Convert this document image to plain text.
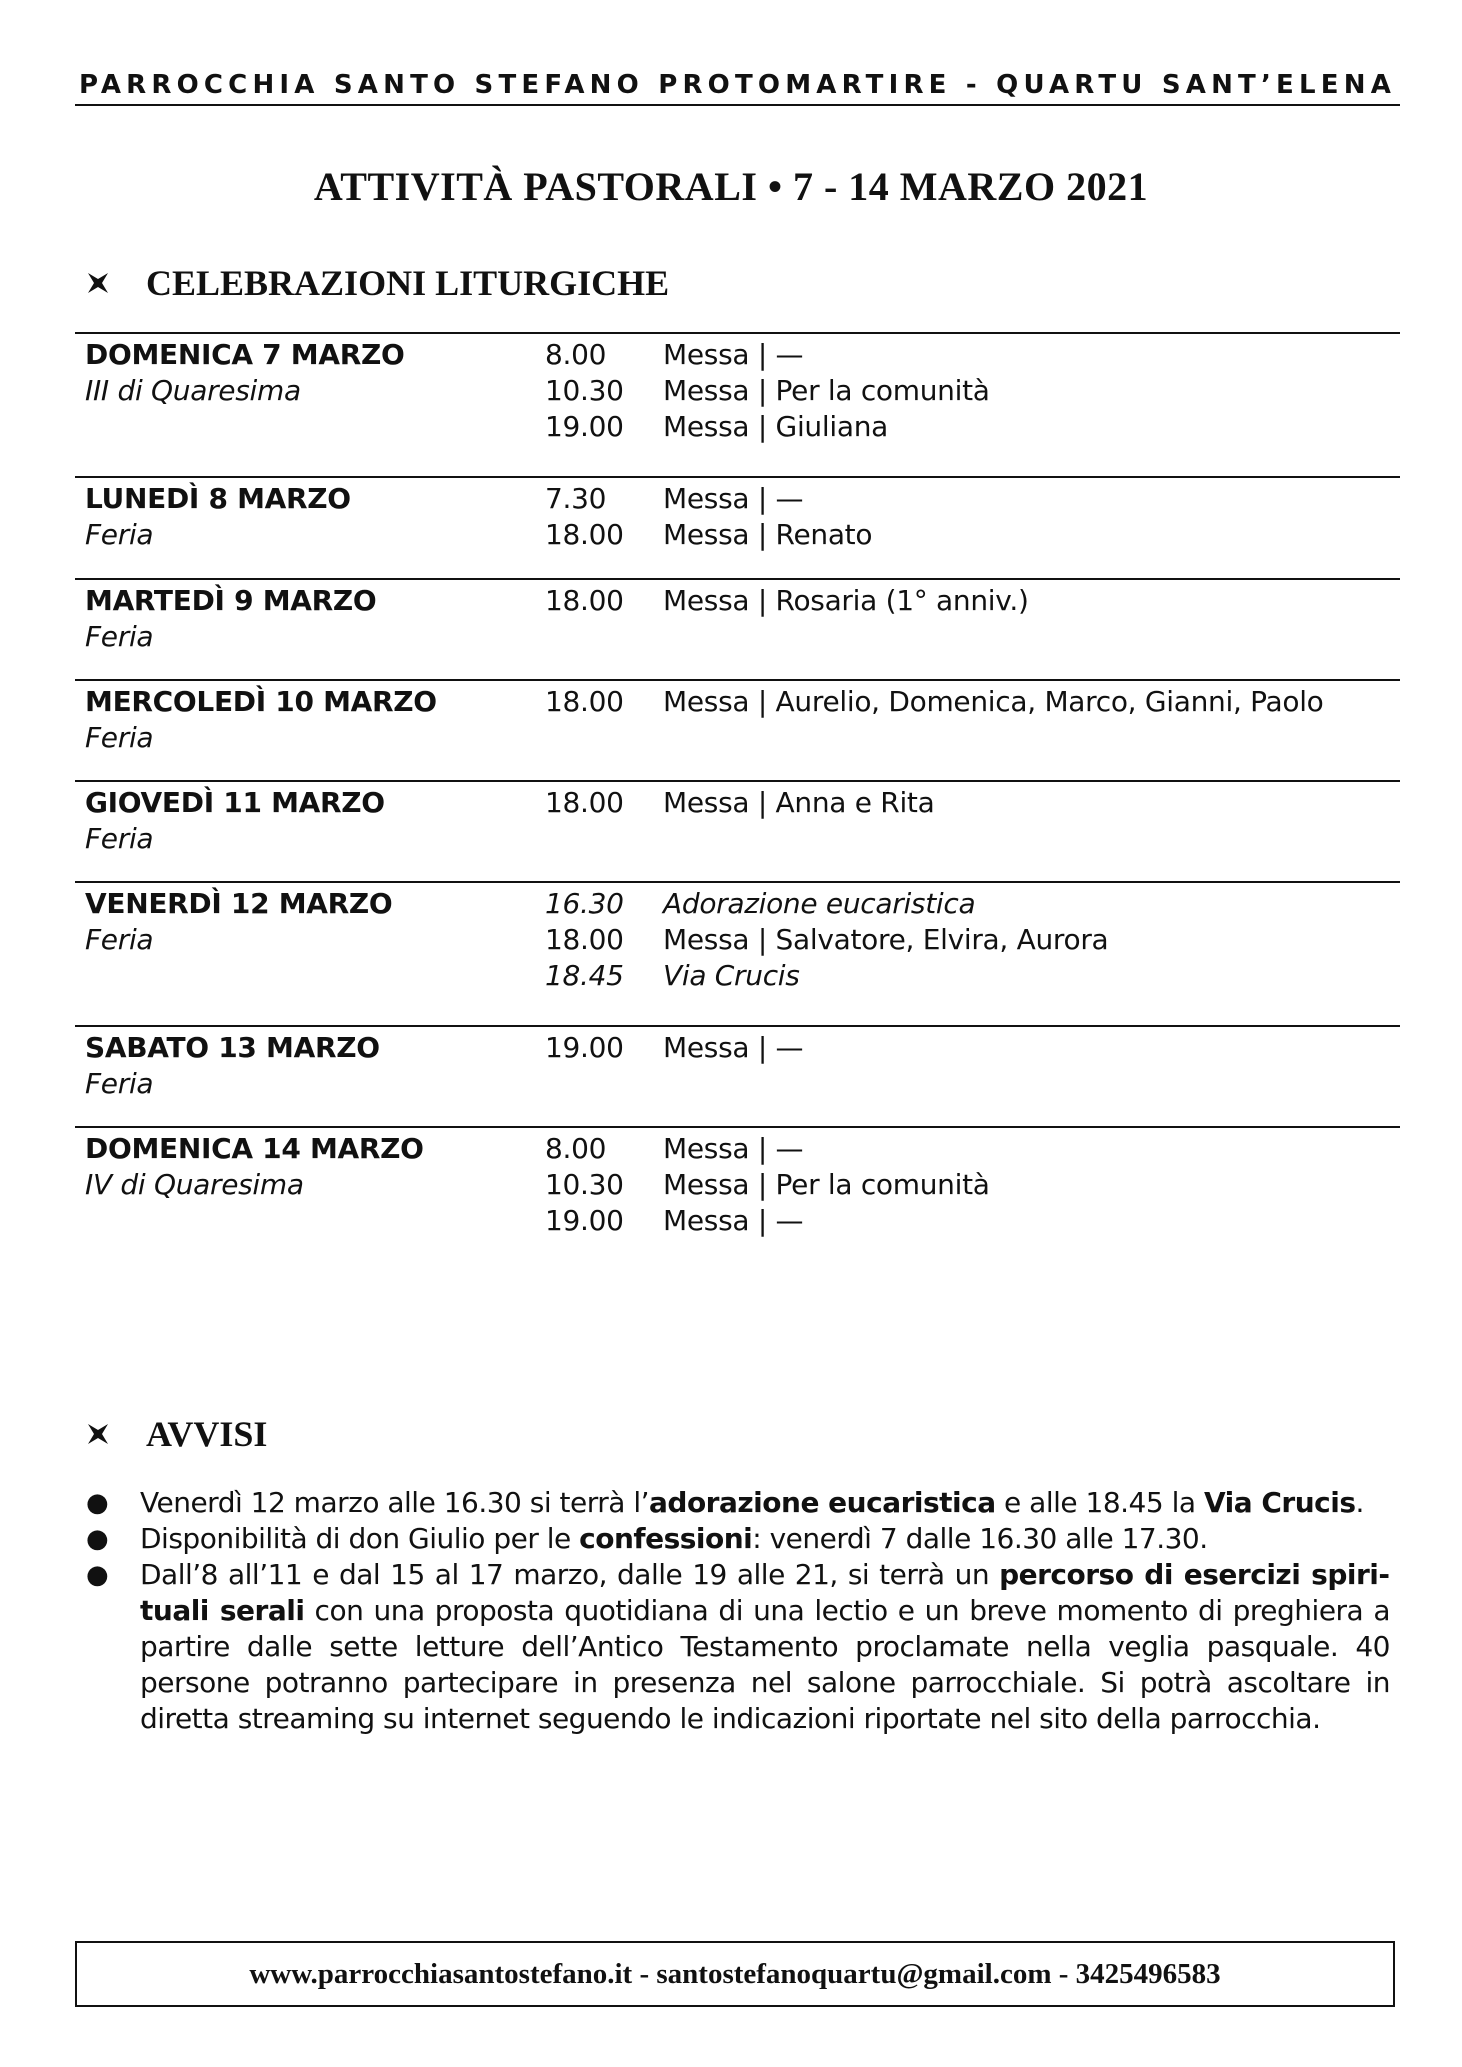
PARROCCHIA SANTO STEFANO PROTOMARTIRE - QUARTU SANT’ELENA
ATTIVITÀ PASTORALI • 7 - 14 MARZO 2021
CELEBRAZIONI LITURGICHE
DOMENICA 7 MARZO
III di Quaresima
8.00	Messa | —
10.30	Messa | Per la comunità
19.00	Messa | Giuliana
LUNEDÌ 8 MARZO
Feria
7.30	Messa | —
18.00	Messa | Renato
MARTEDÌ 9 MARZO
Feria
18.00	Messa | Rosaria (1° anniv.)
MERCOLEDÌ 10 MARZO
Feria
18.00	Messa | Aurelio, Domenica, Marco, Gianni, Paolo
GIOVEDÌ 11 MARZO
Feria
18.00	Messa | Anna e Rita
VENERDÌ 12 MARZO
Feria
16.30	Adorazione eucaristica
18.00	Messa | Salvatore, Elvira, Aurora
18.45	Via Crucis
SABATO 13 MARZO
Feria
19.00	Messa | —
DOMENICA 14 MARZO
IV di Quaresima
8.00	Messa | —
10.30	Messa | Per la comunità
19.00	Messa | —
AVVISI
●	Venerdì 12 marzo alle 16.30 si terrà l’adorazione eucaristica e alle 18.45 la Via Crucis.
●	Disponibilità di don Giulio per le confessioni: venerdì 7 dalle 16.30 alle 17.30.
●	Dall’8 all’11 e dal 15 al 17 marzo, dalle 19 alle 21, si terrà un percorso di esercizi spirituali serali con una proposta quotidiana di una lectio e un breve momento di preghiera a partire dalle sette letture dell’Antico Testamento proclamate nella veglia pasquale. 40 persone potranno partecipare in presenza nel salone parrocchiale. Si potrà ascoltare in diretta streaming su internet seguendo le indicazioni riportate nel sito della parrocchia.
www.parrocchiasantostefano.it - santostefanoquartu@gmail.com - 3425496583
